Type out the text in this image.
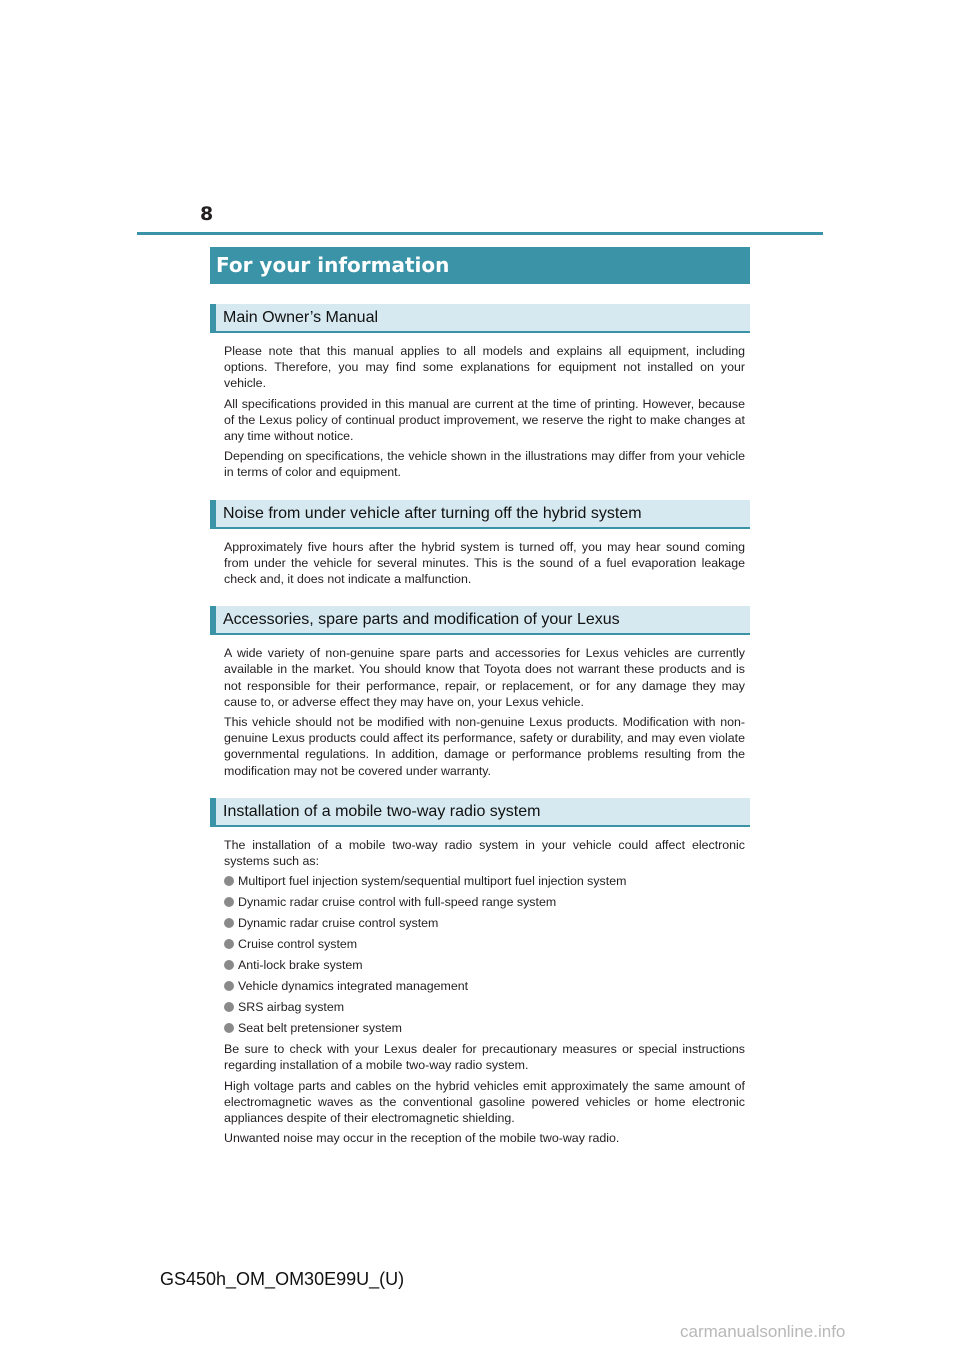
8
For your information
Main Owner’s Manual

Please note that this manual applies to all models and explains all equipment, including options. Therefore, you may find some explanations for equipment not installed on your vehicle.

All specifications provided in this manual are current at the time of printing. However, because of the Lexus policy of continual product improvement, we reserve the right to make changes at any time without notice.

Depending on specifications, the vehicle shown in the illustrations may differ from your vehicle in terms of color and equipment.

Noise from under vehicle after turning off the hybrid system

Approximately five hours after the hybrid system is turned off, you may hear sound coming from under the vehicle for several minutes. This is the sound of a fuel evaporation leakage check and, it does not indicate a malfunction.

Accessories, spare parts and modification of your Lexus

A wide variety of non-genuine spare parts and accessories for Lexus vehicles are currently available in the market. You should know that Toyota does not warrant these products and is not responsible for their performance, repair, or replacement, or for any damage they may cause to, or adverse effect they may have on, your Lexus vehicle.

This vehicle should not be modified with non-genuine Lexus products. Modification with non-genuine Lexus products could affect its performance, safety or durability, and may even violate governmental regulations. In addition, damage or performance problems resulting from the modification may not be covered under warranty.

Installation of a mobile two-way radio system

The installation of a mobile two-way radio system in your vehicle could affect electronic systems such as:

Multiport fuel injection system/sequential multiport fuel injection system
Dynamic radar cruise control with full-speed range system
Dynamic radar cruise control system
Cruise control system
Anti-lock brake system
Vehicle dynamics integrated management
SRS airbag system
Seat belt pretensioner system

Be sure to check with your Lexus dealer for precautionary measures or special instructions regarding installation of a mobile two-way radio system.

High voltage parts and cables on the hybrid vehicles emit approximately the same amount of electromagnetic waves as the conventional gasoline powered vehicles or home electronic appliances despite of their electromagnetic shielding.

Unwanted noise may occur in the reception of the mobile two-way radio.

GS450h_OM_OM30E99U_(U)
carmanualsonline.info
